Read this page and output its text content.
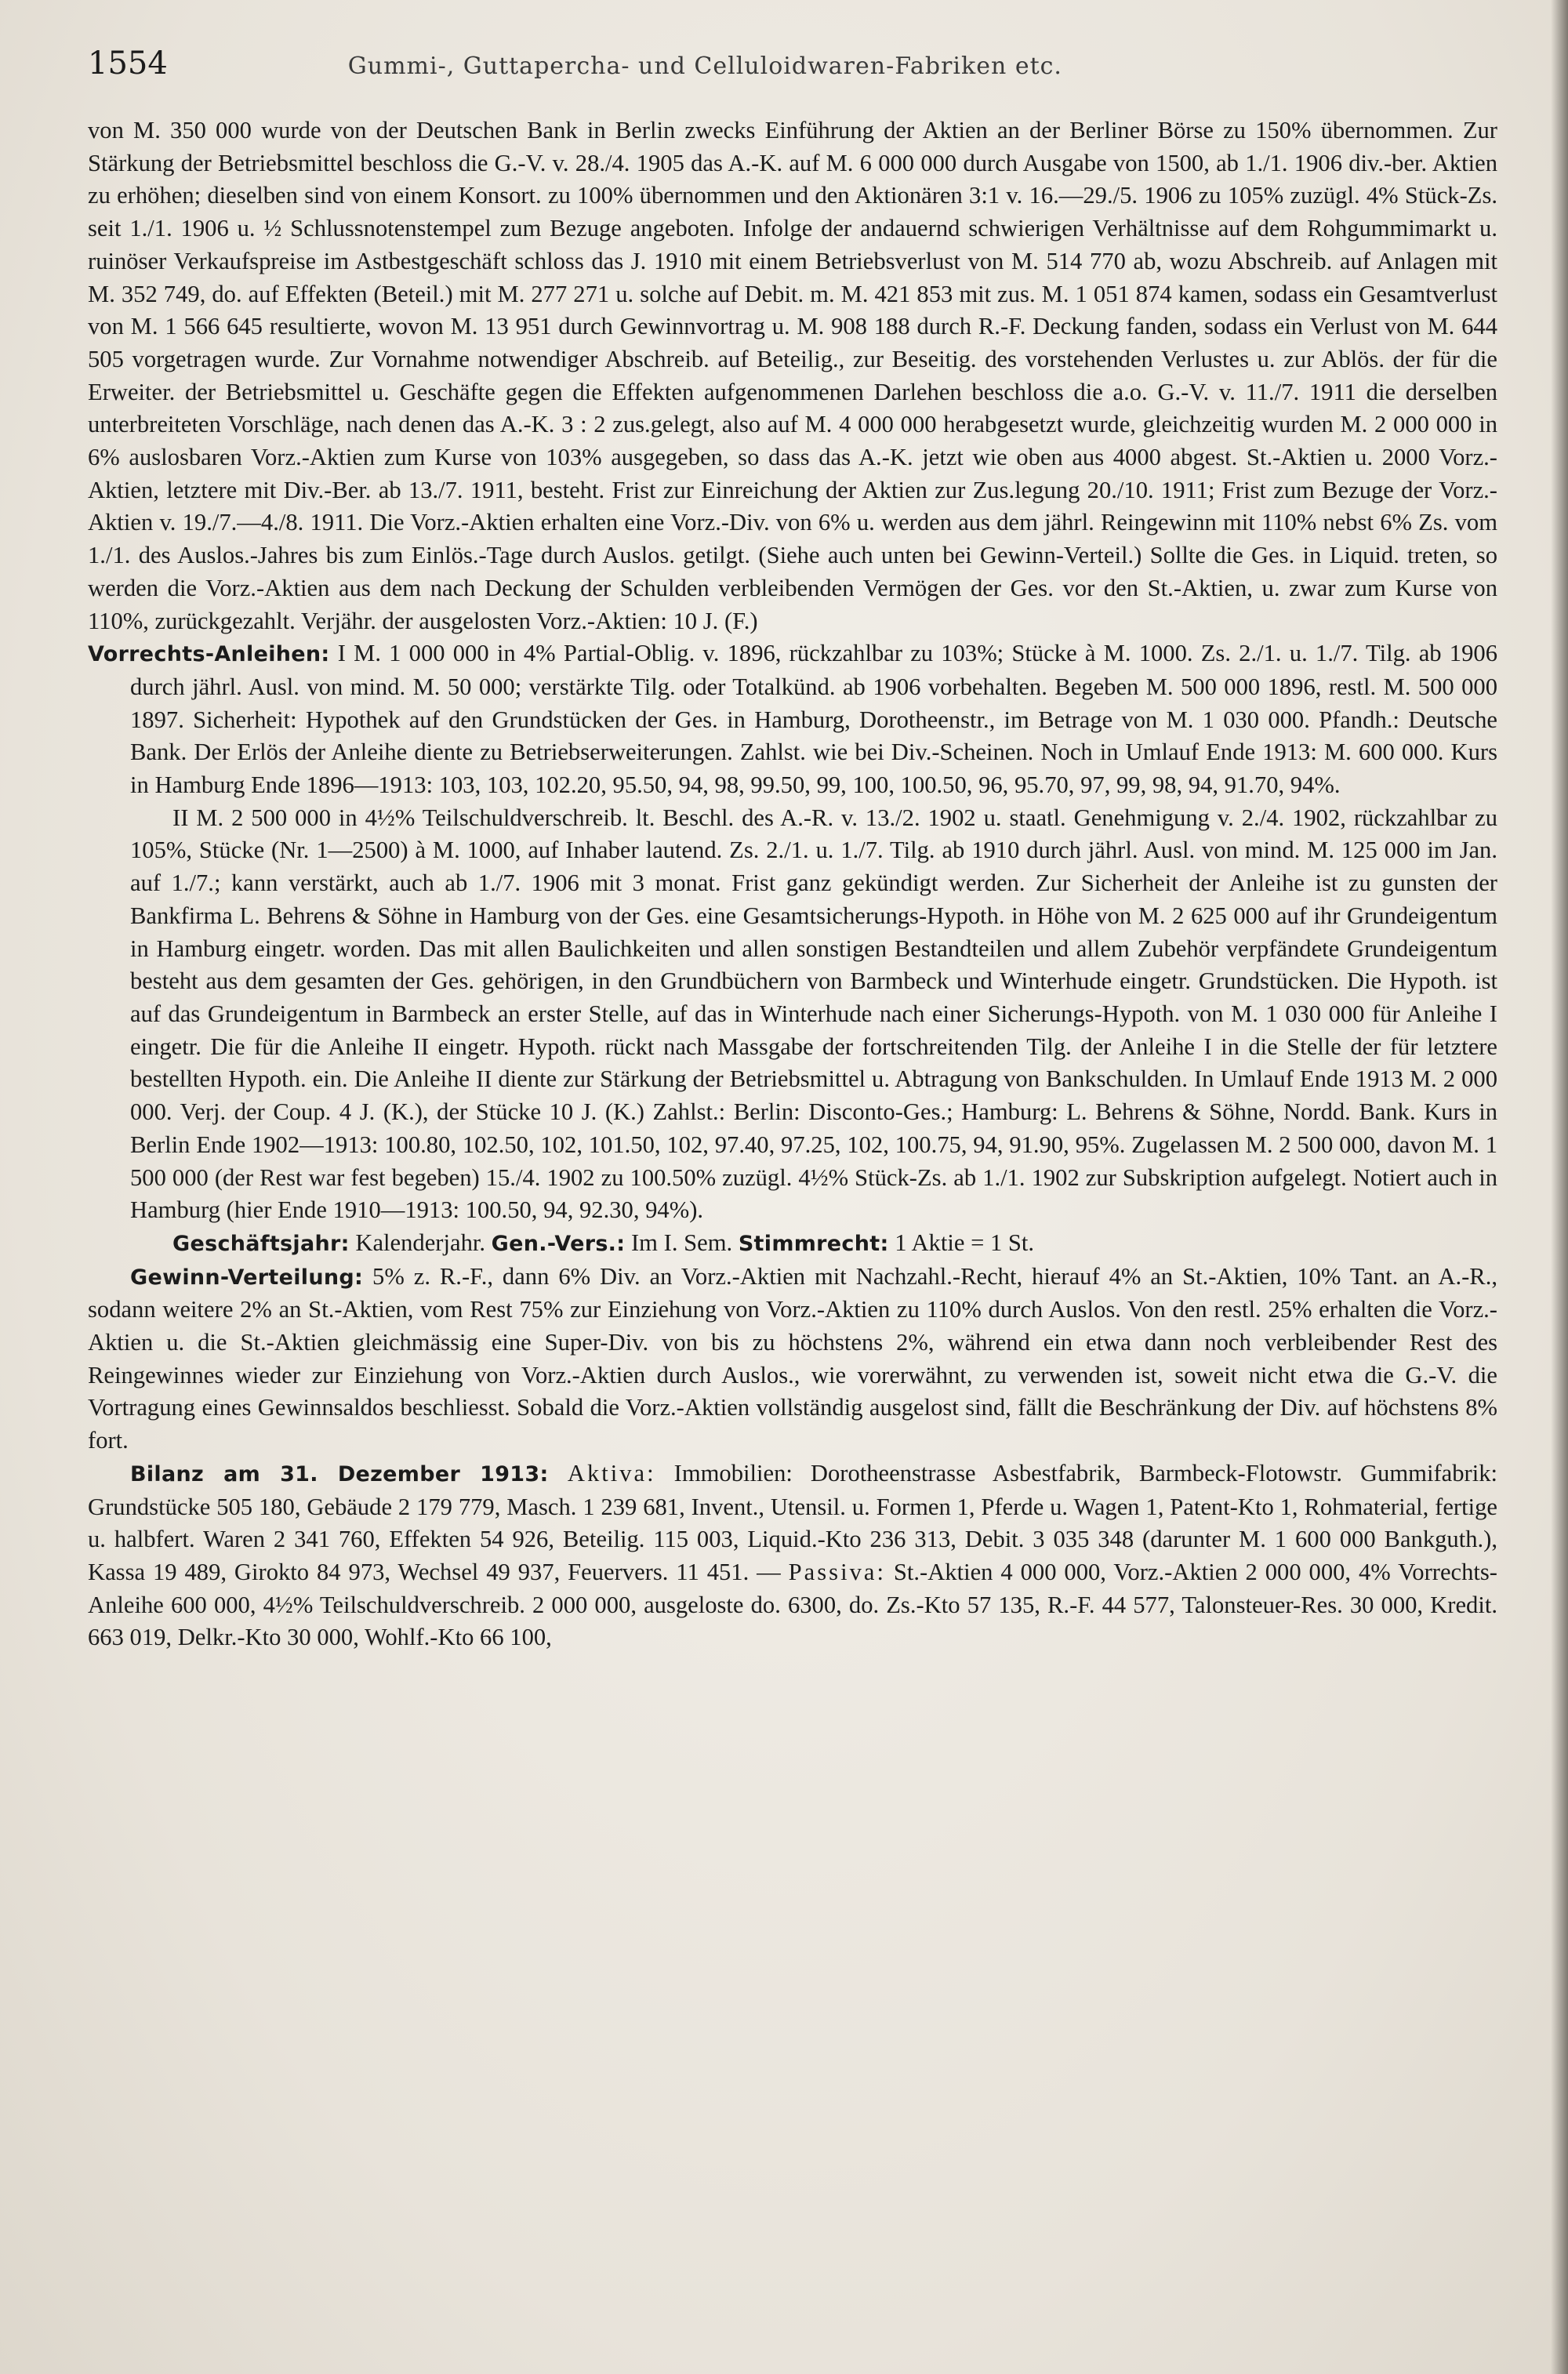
1554	Gummi-, Guttapercha- und Celluloidwaren-Fabriken etc.

von M. 350 000 wurde von der Deutschen Bank in Berlin zwecks Einführung der Aktien an der Berliner Börse zu 150% übernommen. Zur Stärkung der Betriebsmittel beschloss die G.-V. v. 28./4. 1905 das A.-K. auf M. 6 000 000 durch Ausgabe von 1500, ab 1./1. 1906 div.-ber. Aktien zu erhöhen; dieselben sind von einem Konsort. zu 100% übernommen und den Aktionären 3:1 v. 16.—29./5. 1906 zu 105% zuzügl. 4% Stück-Zs. seit 1./1. 1906 u. ½ Schlussnotenstempel zum Bezuge angeboten. Infolge der andauernd schwierigen Verhältnisse auf dem Rohgummimarkt u. ruinöser Verkaufspreise im Astbestgeschäft schloss das J. 1910 mit einem Betriebsverlust von M. 514 770 ab, wozu Abschreib. auf Anlagen mit M. 352 749, do. auf Effekten (Beteil.) mit M. 277 271 u. solche auf Debit. m. M. 421 853 mit zus. M. 1 051 874 kamen, sodass ein Gesamtverlust von M. 1 566 645 resultierte, wovon M. 13 951 durch Gewinnvortrag u. M. 908 188 durch R.-F. Deckung fanden, sodass ein Verlust von M. 644 505 vorgetragen wurde. Zur Vornahme notwendiger Abschreib. auf Beteilig., zur Beseitig. des vorstehenden Verlustes u. zur Ablös. der für die Erweiter. der Betriebsmittel u. Geschäfte gegen die Effekten aufgenommenen Darlehen beschloss die a.o. G.-V. v. 11./7. 1911 die derselben unterbreiteten Vorschläge, nach denen das A.-K. 3 : 2 zus.gelegt, also auf M. 4 000 000 herabgesetzt wurde, gleichzeitig wurden M. 2 000 000 in 6% auslosbaren Vorz.-Aktien zum Kurse von 103% ausgegeben, so dass das A.-K. jetzt wie oben aus 4000 abgest. St.-Aktien u. 2000 Vorz.-Aktien, letztere mit Div.-Ber. ab 13./7. 1911, besteht. Frist zur Einreichung der Aktien zur Zus.legung 20./10. 1911; Frist zum Bezuge der Vorz.-Aktien v. 19./7.—4./8. 1911. Die Vorz.-Aktien erhalten eine Vorz.-Div. von 6% u. werden aus dem jährl. Reingewinn mit 110% nebst 6% Zs. vom 1./1. des Auslos.-Jahres bis zum Einlös.-Tage durch Auslos. getilgt. (Siehe auch unten bei Gewinn-Verteil.) Sollte die Ges. in Liquid. treten, so werden die Vorz.-Aktien aus dem nach Deckung der Schulden verbleibenden Vermögen der Ges. vor den St.-Aktien, u. zwar zum Kurse von 110%, zurückgezahlt. Verjähr. der ausgelosten Vorz.-Aktien: 10 J. (F.)

Vorrechts-Anleihen: I M. 1 000 000 in 4% Partial-Oblig. v. 1896, rückzahlbar zu 103%; Stücke à M. 1000. Zs. 2./1. u. 1./7. Tilg. ab 1906 durch jährl. Ausl. von mind. M. 50 000; verstärkte Tilg. oder Totalkünd. ab 1906 vorbehalten. Begeben M. 500 000 1896, restl. M. 500 000 1897. Sicherheit: Hypothek auf den Grundstücken der Ges. in Hamburg, Dorotheenstr., im Betrage von M. 1 030 000. Pfandh.: Deutsche Bank. Der Erlös der Anleihe diente zu Betriebserweiterungen. Zahlst. wie bei Div.-Scheinen. Noch in Umlauf Ende 1913: M. 600 000. Kurs in Hamburg Ende 1896—1913: 103, 103, 102.20, 95.50, 94, 98, 99.50, 99, 100, 100.50, 96, 95.70, 97, 99, 98, 94, 91.70, 94%.

II M. 2 500 000 in 4½% Teilschuldverschreib. lt. Beschl. des A.-R. v. 13./2. 1902 u. staatl. Genehmigung v. 2./4. 1902, rückzahlbar zu 105%, Stücke (Nr. 1—2500) à M. 1000, auf Inhaber lautend. Zs. 2./1. u. 1./7. Tilg. ab 1910 durch jährl. Ausl. von mind. M. 125 000 im Jan. auf 1./7.; kann verstärkt, auch ab 1./7. 1906 mit 3 monat. Frist ganz gekündigt werden. Zur Sicherheit der Anleihe ist zu gunsten der Bankfirma L. Behrens & Söhne in Hamburg von der Ges. eine Gesamtsicherungs-Hypoth. in Höhe von M. 2 625 000 auf ihr Grundeigentum in Hamburg eingetr. worden. Das mit allen Baulichkeiten und allen sonstigen Bestandteilen und allem Zubehör verpfändete Grundeigentum besteht aus dem gesamten der Ges. gehörigen, in den Grundbüchern von Barmbeck und Winterhude eingetr. Grundstücken. Die Hypoth. ist auf das Grundeigentum in Barmbeck an erster Stelle, auf das in Winterhude nach einer Sicherungs-Hypoth. von M. 1 030 000 für Anleihe I eingetr. Die für die Anleihe II eingetr. Hypoth. rückt nach Massgabe der fortschreitenden Tilg. der Anleihe I in die Stelle der für letztere bestellten Hypoth. ein. Die Anleihe II diente zur Stärkung der Betriebsmittel u. Abtragung von Bankschulden. In Umlauf Ende 1913 M. 2 000 000. Verj. der Coup. 4 J. (K.), der Stücke 10 J. (K.) Zahlst.: Berlin: Disconto-Ges.; Hamburg: L. Behrens & Söhne, Nordd. Bank. Kurs in Berlin Ende 1902—1913: 100.80, 102.50, 102, 101.50, 102, 97.40, 97.25, 102, 100.75, 94, 91.90, 95%. Zugelassen M. 2 500 000, davon M. 1 500 000 (der Rest war fest begeben) 15./4. 1902 zu 100.50% zuzügl. 4½% Stück-Zs. ab 1./1. 1902 zur Subskription aufgelegt. Notiert auch in Hamburg (hier Ende 1910—1913: 100.50, 94, 92.30, 94%).

Geschäftsjahr: Kalenderjahr. Gen.-Vers.: Im I. Sem. Stimmrecht: 1 Aktie = 1 St.

Gewinn-Verteilung: 5% z. R.-F., dann 6% Div. an Vorz.-Aktien mit Nachzahl.-Recht, hierauf 4% an St.-Aktien, 10% Tant. an A.-R., sodann weitere 2% an St.-Aktien, vom Rest 75% zur Einziehung von Vorz.-Aktien zu 110% durch Auslos. Von den restl. 25% erhalten die Vorz.-Aktien u. die St.-Aktien gleichmässig eine Super-Div. von bis zu höchstens 2%, während ein etwa dann noch verbleibender Rest des Reingewinnes wieder zur Einziehung von Vorz.-Aktien durch Auslos., wie vorerwähnt, zu verwenden ist, soweit nicht etwa die G.-V. die Vortragung eines Gewinnsaldos beschliesst. Sobald die Vorz.-Aktien vollständig ausgelost sind, fällt die Beschränkung der Div. auf höchstens 8% fort.

Bilanz am 31. Dezember 1913: Aktiva: Immobilien: Dorotheenstrasse Asbestfabrik, Barmbeck-Flotowstr. Gummifabrik: Grundstücke 505 180, Gebäude 2 179 779, Masch. 1 239 681, Invent., Utensil. u. Formen 1, Pferde u. Wagen 1, Patent-Kto 1, Rohmaterial, fertige u. halbfert. Waren 2 341 760, Effekten 54 926, Beteilig. 115 003, Liquid.-Kto 236 313, Debit. 3 035 348 (darunter M. 1 600 000 Bankguth.), Kassa 19 489, Girokto 84 973, Wechsel 49 937, Feuervers. 11 451. — Passiva: St.-Aktien 4 000 000, Vorz.-Aktien 2 000 000, 4% Vorrechts-Anleihe 600 000, 4½% Teilschuldverschreib. 2 000 000, ausgeloste do. 6300, do. Zs.-Kto 57 135, R.-F. 44 577, Talonsteuer-Res. 30 000, Kredit. 663 019, Delkr.-Kto 30 000, Wohlf.-Kto 66 100,
